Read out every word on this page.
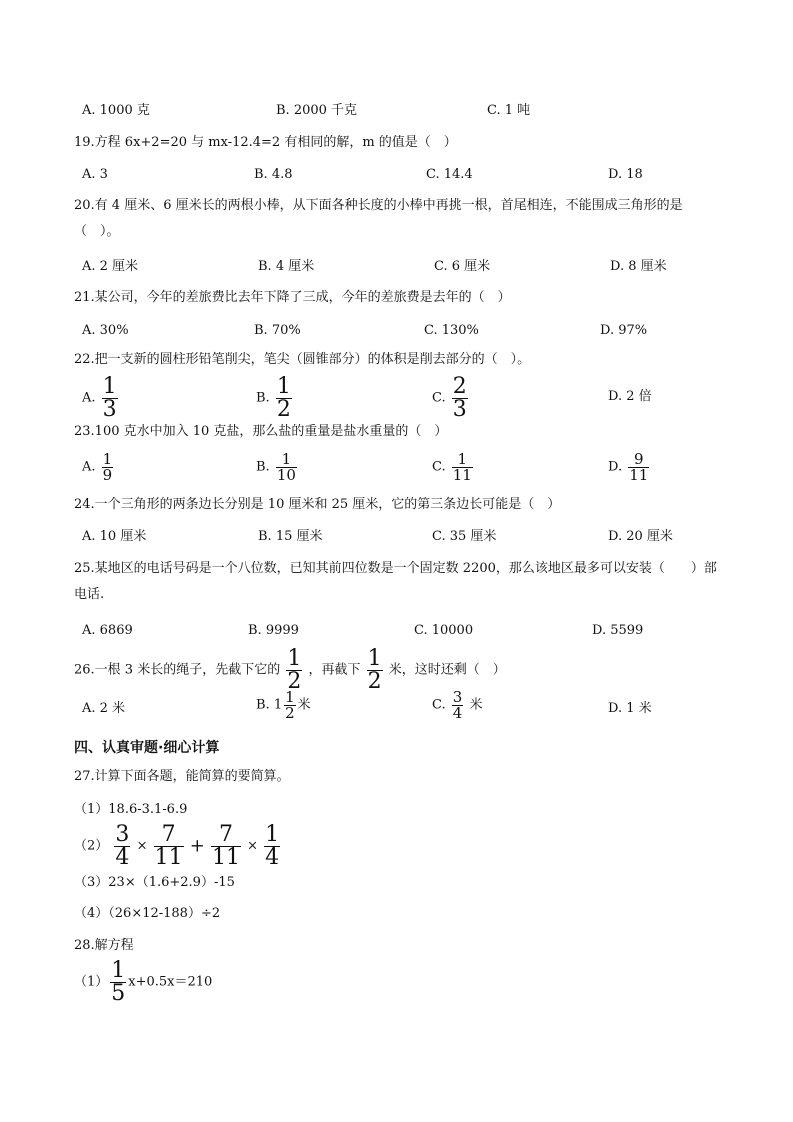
A. 1000 克	B. 2000 千克	C. 1 吨
19.方程 6x+2=20 与 mx-12.4=2 有相同的解，m 的值是（　）
A. 3	B. 4.8	C. 14.4	D. 18
20.有 4 厘米、6 厘米长的两根小棒，从下面各种长度的小棒中再挑一根，首尾相连，不能围成三角形的是（　）。
A. 2 厘米	B. 4 厘米	C. 6 厘米	D. 8 厘米
21.某公司，今年的差旅费比去年下降了三成，今年的差旅费是去年的（　）
A. 30%	B. 70%	C. 130%	D. 97%
22.把一支新的圆柱形铅笔削尖，笔尖（圆锥部分）的体积是削去部分的（　）。
A. $\frac{1}{3}$	B. $\frac{1}{2}$	C. $\frac{2}{3}$	D. 2 倍
23.100 克水中加入 10 克盐，那么盐的重量是盐水重量的（　）
A. $\frac{1}{9}$	B. $\frac{1}{10}$	C. $\frac{1}{11}$	D. $\frac{9}{11}$
24.一个三角形的两条边长分别是 10 厘米和 25 厘米，它的第三条边长可能是（　）
A. 10 厘米	B. 15 厘米	C. 35 厘米	D. 20 厘米
25.某地区的电话号码是一个八位数，已知其前四位数是一个固定数 2200，那么该地区最多可以安装（　　）部电话.
A. 6869	B. 9999	C. 10000	D. 5599
26.一根 3 米长的绳子，先截下它的 $\frac{1}{2}$ ，再截下 $\frac{1}{2}$ 米，这时还剩（　）
A. 2 米	B. $1 \frac{1}{2}$ 米	C. $\frac{3}{4}$ 米	D. 1 米
四、认真审题·细心计算
27.计算下面各题，能简算的要简算。
（1）18.6-3.1-6.9
$(2) \frac{3}{4} \times \frac{7}{11} + \frac{7}{11} \times \frac{1}{4}$
（3）23×（1.6+2.9）-15
（4）（26×12-188）÷2
28.解方程
$(1) \frac{1}{5} x+0.5x=210$
